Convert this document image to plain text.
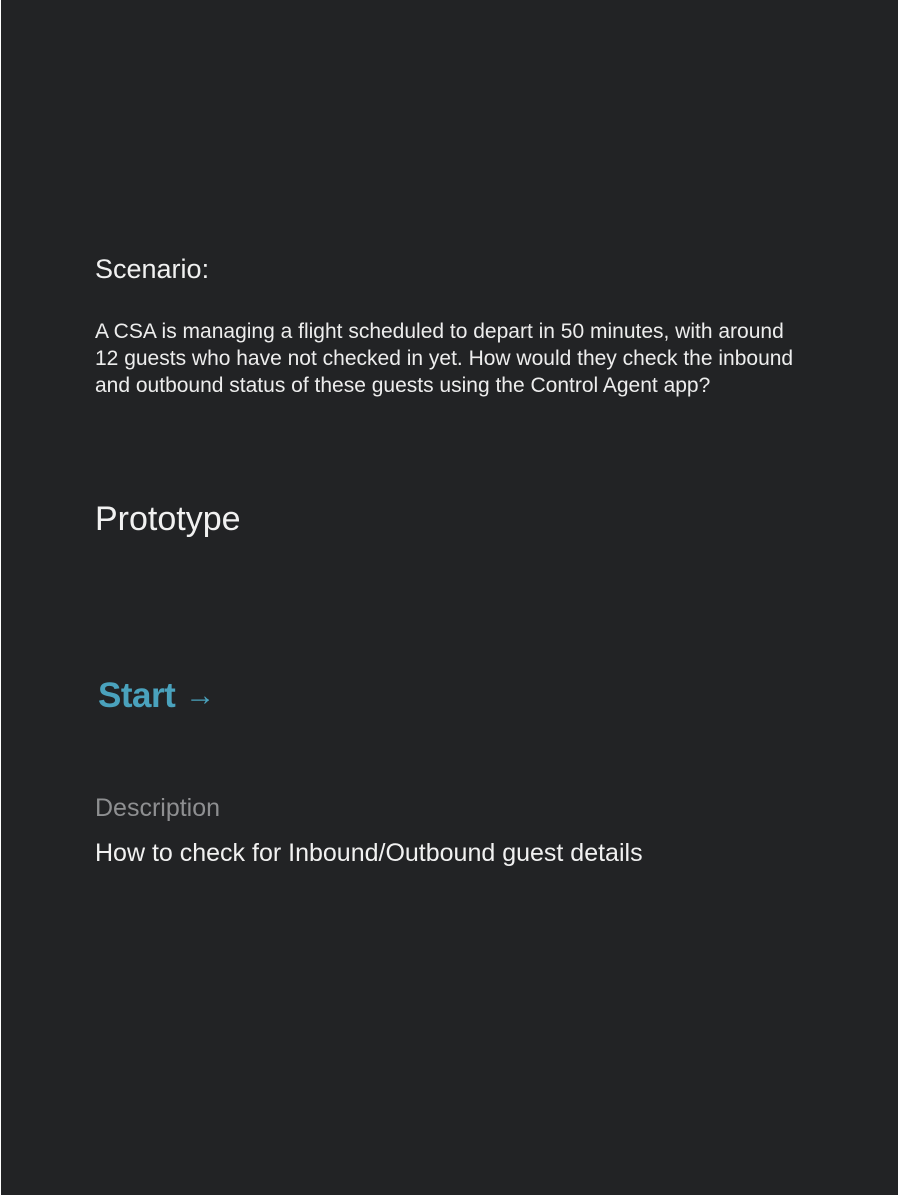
Scenario:

A CSA is managing a flight scheduled to depart in 50 minutes, with around 12 guests who have not checked in yet. How would they check the inbound and outbound status of these guests using the Control Agent app?

Prototype
Start →
Description
How to check for Inbound/Outbound guest details
